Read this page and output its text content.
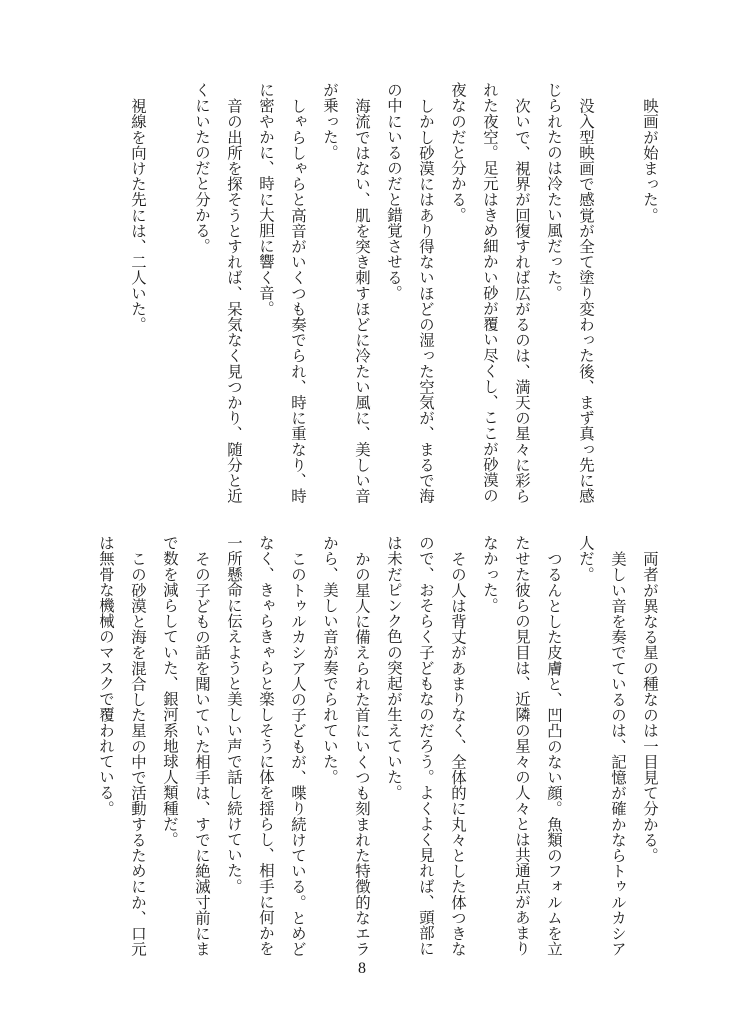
映画が始まった。
没入型映画で感覚が全て塗り変わった後、まず真っ先に感
じられたのは冷たい風だった。
次いで、視界が回復すれば広がるのは、満天の星々に彩ら
れた夜空。足元はきめ細かい砂が覆い尽くし、ここが砂漠の
夜なのだと分かる。
しかし砂漠にはあり得ないほどの湿った空気が、まるで海
の中にいるのだと錯覚させる。
海流ではない、肌を突き刺すほどに冷たい風に、美しい音
が乗った。
しゃらしゃらと高音がいくつも奏でられ、時に重なり、時
に密やかに、時に大胆に響く音。
音の出所を探そうとすれば、呆気なく見つかり、随分と近
くにいたのだと分かる。
視線を向けた先には、二人いた。
両者が異なる星の種なのは一目見て分かる。
美しい音を奏でているのは、記憶が確かならトゥルカシア
人だ。
つるんとした皮膚と、凹凸のない顔。魚類のフォルムを立
たせた彼らの見目は、近隣の星々の人々とは共通点があまり
なかった。
その人は背丈があまりなく、全体的に丸々とした体つきな
ので、おそらく子どもなのだろう。よくよく見れば、頭部に
は未だピンク色の突起が生えていた。
かの星人に備えられた首にいくつも刻まれた特徴的なエラ
から、美しい音が奏でられていた。
このトゥルカシア人の子どもが、喋り続けている。とめど
なく、きゃらきゃらと楽しそうに体を揺らし、相手に何かを
一所懸命に伝えようと美しい声で話し続けていた。
その子どもの話を聞いていた相手は、すでに絶滅寸前にま
で数を減らしていた、銀河系地球人類種だ。
この砂漠と海を混合した星の中で活動するためにか、口元
は無骨な機械のマスクで覆われている。
8
